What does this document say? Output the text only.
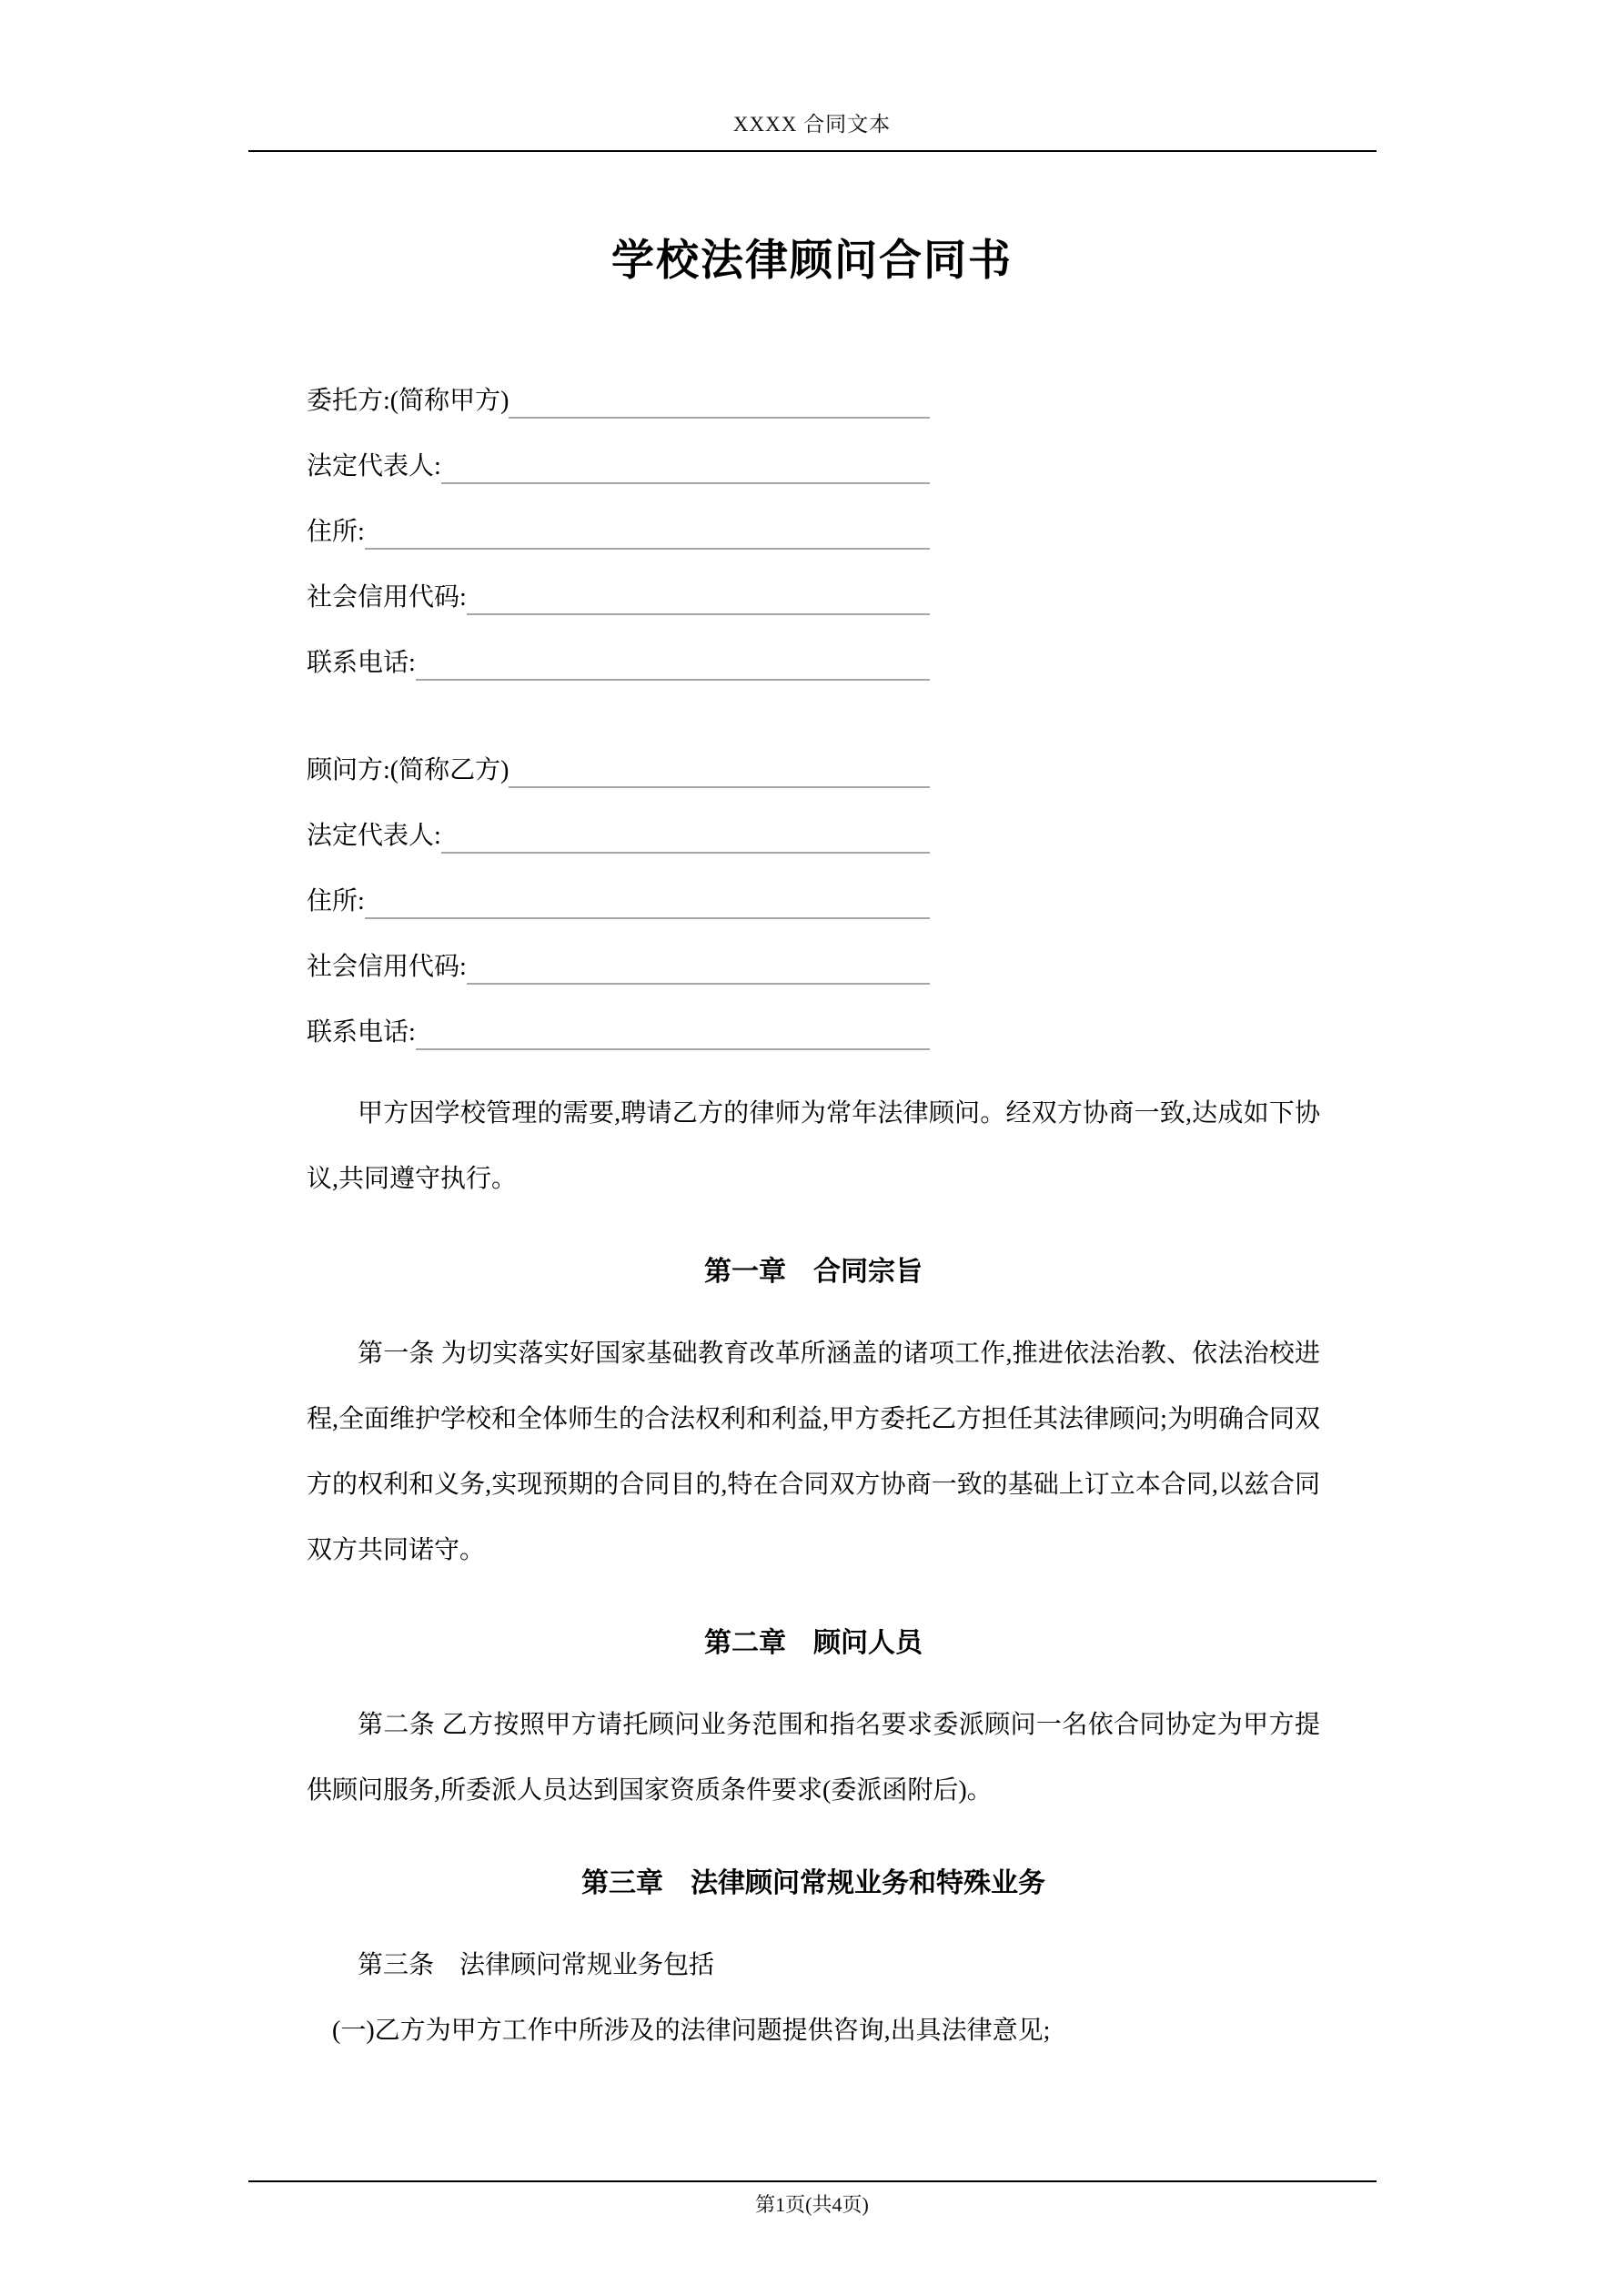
XXXX 合同文本
学校法律顾问合同书
委托方:(简称甲方)
法定代表人:
住所:
社会信用代码:
联系电话:
顾问方:(简称乙方)
法定代表人:
住所:
社会信用代码:
联系电话:

甲方因学校管理的需要,聘请乙方的律师为常年法律顾问。经双方协商一致,达成如下协议,共同遵守执行。

第一章　合同宗旨

第一条 为切实落实好国家基础教育改革所涵盖的诸项工作,推进依法治教、依法治校进程,全面维护学校和全体师生的合法权利和利益,甲方委托乙方担任其法律顾问;为明确合同双方的权利和义务,实现预期的合同目的,特在合同双方协商一致的基础上订立本合同,以兹合同双方共同诺守。

第二章　顾问人员

第二条 乙方按照甲方请托顾问业务范围和指名要求委派顾问一名依合同协定为甲方提供顾问服务,所委派人员达到国家资质条件要求(委派函附后)。

第三章　法律顾问常规业务和特殊业务

第三条　法律顾问常规业务包括

(一)乙方为甲方工作中所涉及的法律问题提供咨询,出具法律意见;

第1页(共4页)
